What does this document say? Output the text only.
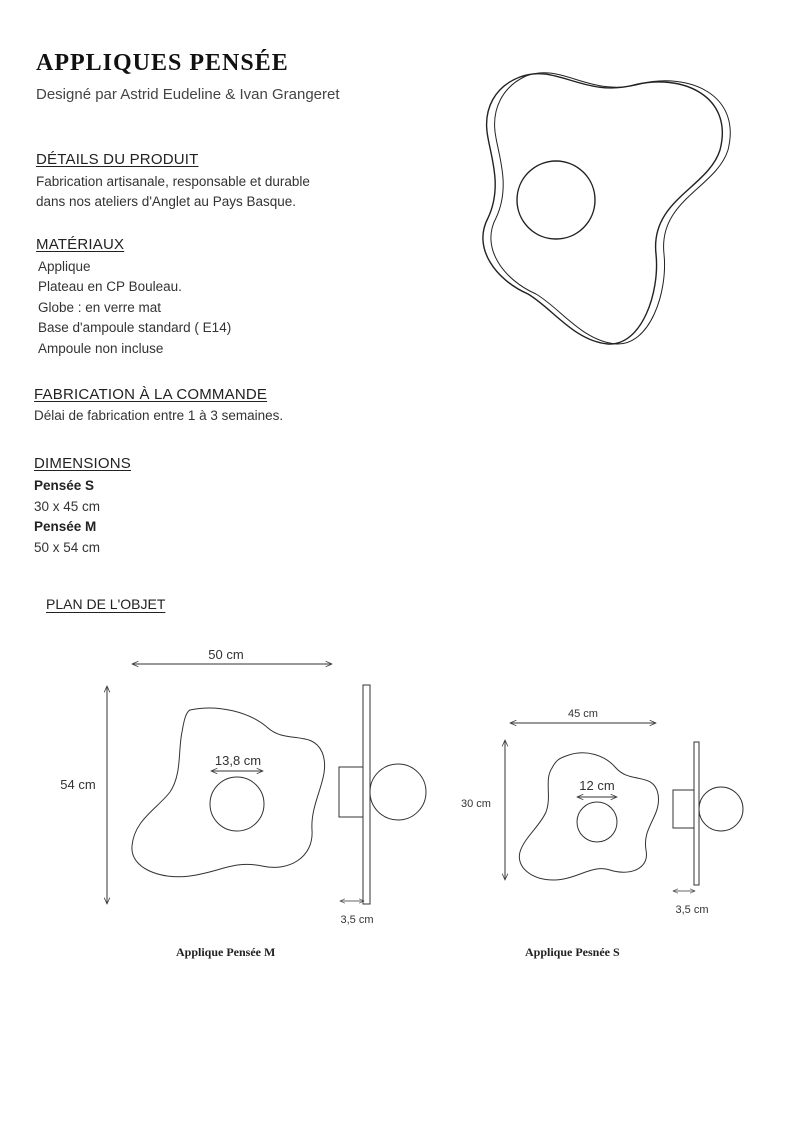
APPLIQUES PENSÉE
Designé par Astrid Eudeline & Ivan Grangeret
DÉTAILS DU PRODUIT
Fabrication artisanale, responsable et durable
dans nos ateliers d'Anglet au Pays Basque.
MATÉRIAUX
Applique
Plateau en CP Bouleau.
Globe : en verre mat
Base d'ampoule standard ( E14)
Ampoule non incluse
FABRICATION À LA COMMANDE
Délai de fabrication entre 1 à 3 semaines.
DIMENSIONS
Pensée S
30 x 45 cm
Pensée M
50 x 54 cm
PLAN DE L'OBJET
50 cm
54 cm
13,8 cm
3,5 cm
45 cm
30 cm
12 cm
3,5 cm
Applique Pensée M	Applique Pesnée S
